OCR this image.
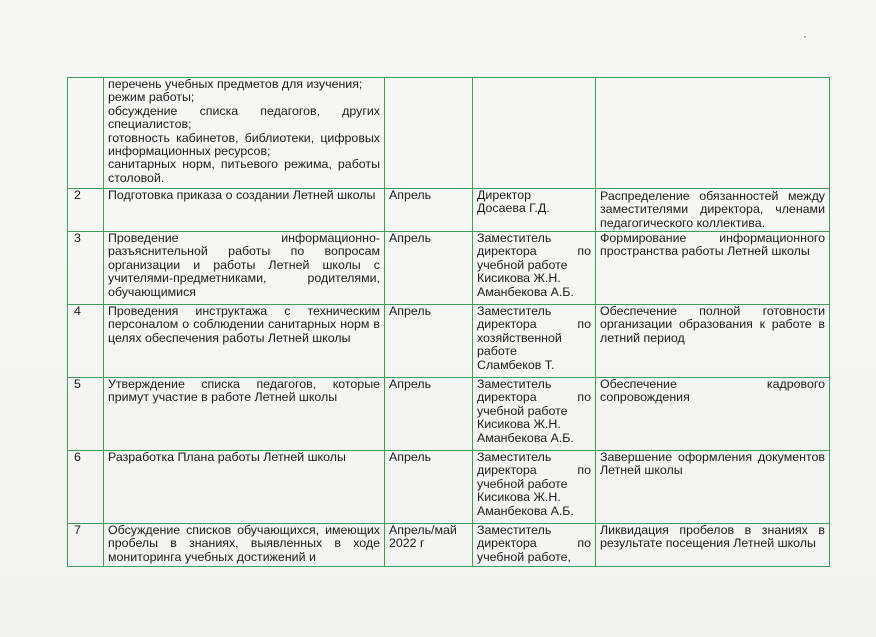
	перечень учебных предметов для изучения;
режим работы;
обсуждение списка педагогов, других специалистов;
готовность кабинетов, библиотеки, цифровых информационных ресурсов;
санитарных норм, питьевого режима, работы столовой.			

2	Подготовка приказа о создании Летней школы	Апрель	Директор
Досаева Г.Д.	Распределение обязанностей между заместителями директора, членами педагогического коллектива.
3	Проведение информационно-разъяснительной работы по вопросам организации и работы Летней школы с учителями-предметниками, родителями, обучающимися	Апрель	Заместитель директора по учебной работе
Кисикова Ж.Н.
Аманбекова А.Б.	Формирование информационного пространства работы Летней школы
4	Проведения инструктажа с техническим персоналом о соблюдении санитарных норм в целях обеспечения работы Летней школы	Апрель	Заместитель директора по хозяйственной работе
Сламбеков Т.	Обеспечение полной готовности организации образования к работе в летний период
5	Утверждение списка педагогов, которые примут участие в работе Летней школы	Апрель	Заместитель директора по учебной работе
Кисикова Ж.Н.
Аманбекова А.Б.	Обеспечение кадрового сопровождения
6	Разработка Плана работы Летней школы	Апрель	Заместитель директора по учебной работе
Кисикова Ж.Н.
Аманбекова А.Б.	Завершение оформления документов Летней школы
7	Обсуждение списков обучающихся, имеющих пробелы в знаниях, выявленных в ходе мониторинга учебных достижений и	Апрель/май 2022 г	Заместитель директора по учебной работе,	Ликвидация пробелов в знаниях в результате посещения Летней школы
